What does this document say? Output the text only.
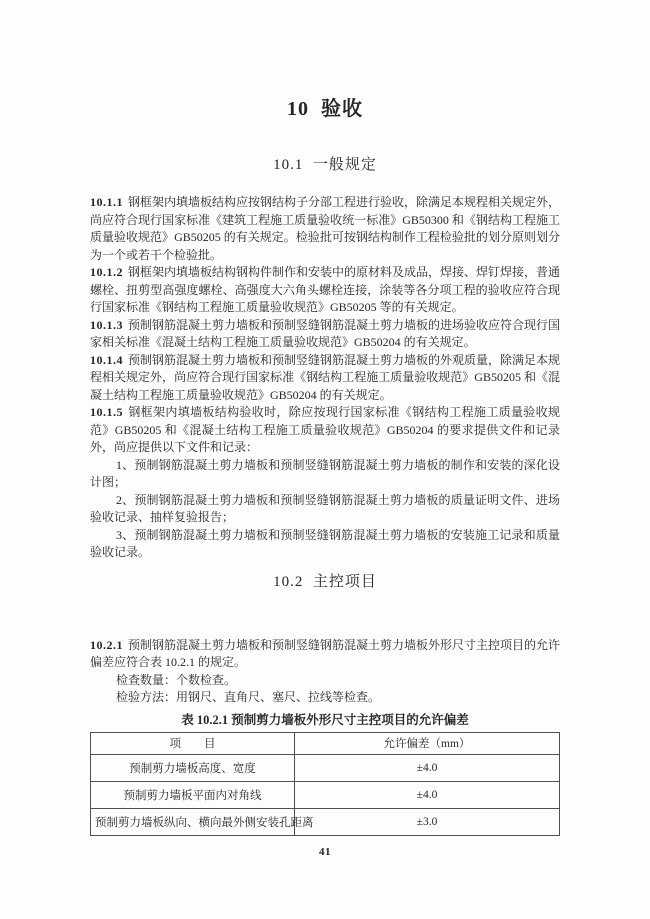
10  验收
10.1  一般规定

10.1.1 钢框架内填墙板结构应按钢结构子分部工程进行验收，除满足本规程相关规定外，尚应符合现行国家标准《建筑工程施工质量验收统一标准》GB50300 和《钢结构工程施工质量验收规范》GB50205 的有关规定。检验批可按钢结构制作工程检验批的划分原则划分为一个或若干个检验批。

10.1.2 钢框架内填墙板结构钢构件制作和安装中的原材料及成品，焊接、焊钉焊接，普通螺栓、扭剪型高强度螺栓、高强度大六角头螺栓连接，涂装等各分项工程的验收应符合现行国家标准《钢结构工程施工质量验收规范》GB50205 等的有关规定。

10.1.3 预制钢筋混凝土剪力墙板和预制竖缝钢筋混凝土剪力墙板的进场验收应符合现行国家相关标准《混凝土结构工程施工质量验收规范》GB50204 的有关规定。

10.1.4 预制钢筋混凝土剪力墙板和预制竖缝钢筋混凝土剪力墙板的外观质量，除满足本规程相关规定外，尚应符合现行国家标准《钢结构工程施工质量验收规范》GB50205 和《混凝土结构工程施工质量验收规范》GB50204 的有关规定。

10.1.5 钢框架内填墙板结构验收时，除应按现行国家标准《钢结构工程施工质量验收规范》GB50205 和《混凝土结构工程施工质量验收规范》GB50204 的要求提供文件和记录外，尚应提供以下文件和记录：

1、预制钢筋混凝土剪力墙板和预制竖缝钢筋混凝土剪力墙板的制作和安装的深化设计图；

2、预制钢筋混凝土剪力墙板和预制竖缝钢筋混凝土剪力墙板的质量证明文件、进场验收记录、抽样复验报告；

3、预制钢筋混凝土剪力墙板和预制竖缝钢筋混凝土剪力墙板的安装施工记录和质量验收记录。

10.2  主控项目

10.2.1 预制钢筋混凝土剪力墙板和预制竖缝钢筋混凝土剪力墙板外形尺寸主控项目的允许偏差应符合表 10.2.1 的规定。

检查数量：个数检查。

检验方法：用钢尺、直角尺、塞尺、拉线等检查。

表 10.2.1 预制剪力墙板外形尺寸主控项目的允许偏差
项　　目	允许偏差（mm）
预制剪力墙板高度、宽度	±4.0
预制剪力墙板平面内对角线	±4.0
预制剪力墙板纵向、横向最外侧安装孔距离	±3.0
41
